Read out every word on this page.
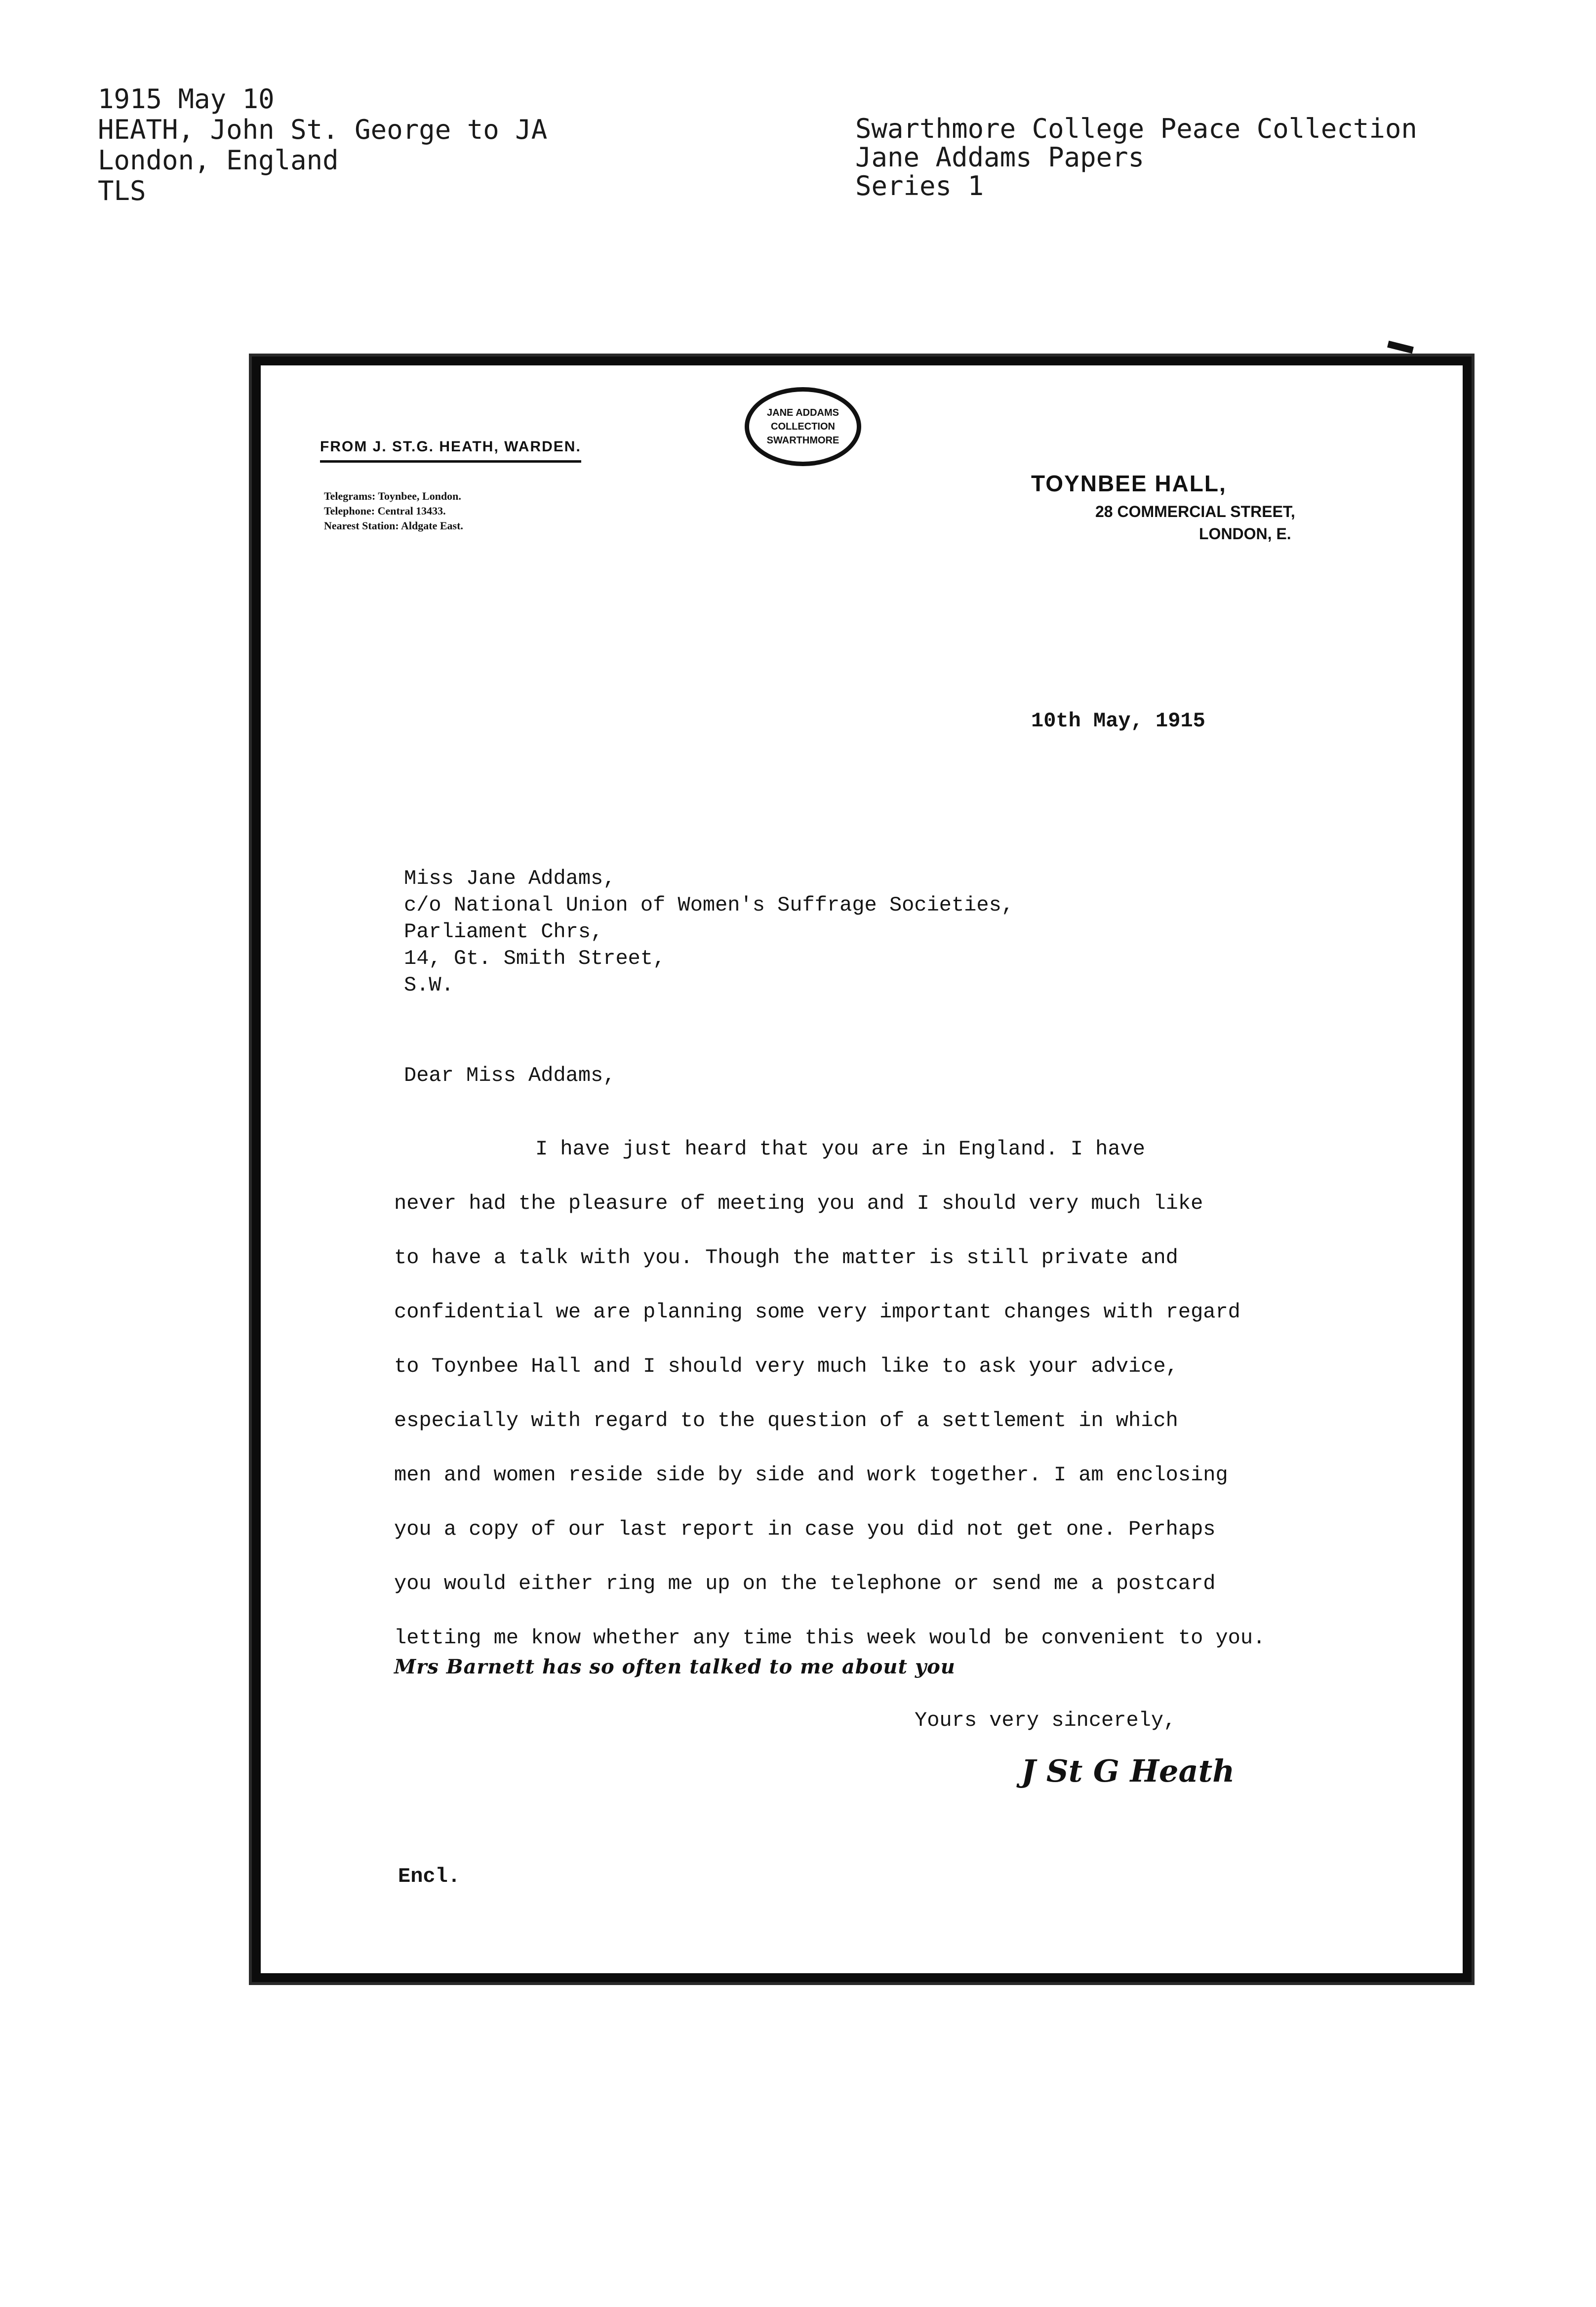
1915 May 10
HEATH, John St. George to JA
London, England
TLS
Swarthmore College Peace Collection
Jane Addams Papers
Series 1
FROM J. ST.G. HEATH, WARDEN.
Telegrams: Toynbee, London.
Telephone: Central 13433.
Nearest Station: Aldgate East.
JANE ADDAMS
COLLECTION
SWARTHMORE
TOYNBEE HALL,
28 COMMERCIAL STREET,
LONDON, E.
10th May, 1915
Miss Jane Addams,
c/o National Union of Women's Suffrage Societies,
Parliament Chrs,
14, Gt. Smith Street,
S.W.
Dear Miss Addams,
I have just heard that you are in England. I have
never had the pleasure of meeting you and I should very much like
to have a talk with you. Though the matter is still private and
confidential we are planning some very important changes with regard
to Toynbee Hall and I should very much like to ask your advice,
especially with regard to the question of a settlement in which
men and women reside side by side and work together. I am enclosing
you a copy of our last report in case you did not get one. Perhaps
you would either ring me up on the telephone or send me a postcard
letting me know whether any time this week would be convenient to you.
Mrs Barnett has so often talked to me about you
Yours very sincerely,
J St G Heath
Encl.
